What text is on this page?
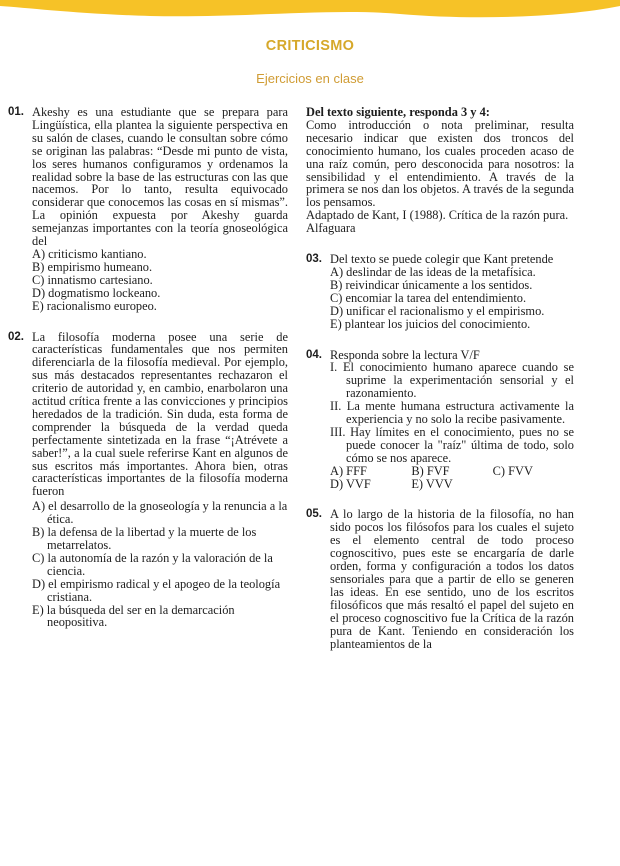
CRITICISMO
Ejercicios en clase
01. Akeshy es una estudiante que se prepara para Lingüística, ella plantea la siguiente perspectiva en su salón de clases, cuando le consultan sobre cómo se originan las palabras: “Desde mi punto de vista, los seres humanos configuramos y ordenamos la realidad sobre la base de las estructuras con las que nacemos. Por lo tanto, resulta equivocado considerar que conocemos las cosas en sí mismas”. La opinión expuesta por Akeshy guarda semejanzas importantes con la teoría gnoseológica del
A) criticismo kantiano.
B) empirismo humeano.
C) innatismo cartesiano.
D) dogmatismo lockeano.
E) racionalismo europeo.
02. La filosofía moderna posee una serie de características fundamentales que nos permiten diferenciarla de la filosofía medieval. Por ejemplo, sus más destacados representantes rechazaron el criterio de autoridad y, en cambio, enarbolaron una actitud crítica frente a las convicciones y principios heredados de la tradición. Sin duda, esta forma de comprender la búsqueda de la verdad queda perfectamente sintetizada en la frase “¡Atrévete a saber!”, a la cual suele referirse Kant en algunos de sus escritos más importantes. Ahora bien, otras características importantes de la filosofía moderna fueron
A) el desarrollo de la gnoseología y la renuncia a la ética.
B) la defensa de la libertad y la muerte de los metarrelatos.
C) la autonomía de la razón y la valoración de la ciencia.
D) el empirismo radical y el apogeo de la teología cristiana.
E) la búsqueda del ser en la demarcación neopositiva.
Del texto siguiente, responda 3 y 4:
Como introducción o nota preliminar, resulta necesario indicar que existen dos troncos del conocimiento humano, los cuales proceden acaso de una raíz común, pero desconocida para nosotros: la sensibilidad y el entendimiento. A través de la primera se nos dan los objetos. A través de la segunda los pensamos.
Adaptado de Kant, I (1988). Crítica de la razón pura. Alfaguara
03. Del texto se puede colegir que Kant pretende
A) deslindar de las ideas de la metafísica.
B) reivindicar únicamente a los sentidos.
C) encomiar la tarea del entendimiento.
D) unificar el racionalismo y el empirismo.
E) plantear los juicios del conocimiento.
04. Responda sobre la lectura V/F
I. El conocimiento humano aparece cuando se suprime la experimentación sensorial y el razonamiento.
II. La mente humana estructura activamente la experiencia y no solo la recibe pasivamente.
III. Hay límites en el conocimiento, pues no se puede conocer la "raíz" última de todo, solo cómo se nos aparece.
A) FFF	B) FVF	C) FVV
D) VVF	E) VVV
05. A lo largo de la historia de la filosofía, no han sido pocos los filósofos para los cuales el sujeto es el elemento central de todo proceso cognoscitivo, pues este se encargaría de darle orden, forma y configuración a todos los datos sensoriales para que a partir de ello se generen las ideas. En ese sentido, uno de los escritos filosóficos que más resaltó el papel del sujeto en el proceso cognoscitivo fue la Crítica de la razón pura de Kant. Teniendo en consideración los planteamientos de la
